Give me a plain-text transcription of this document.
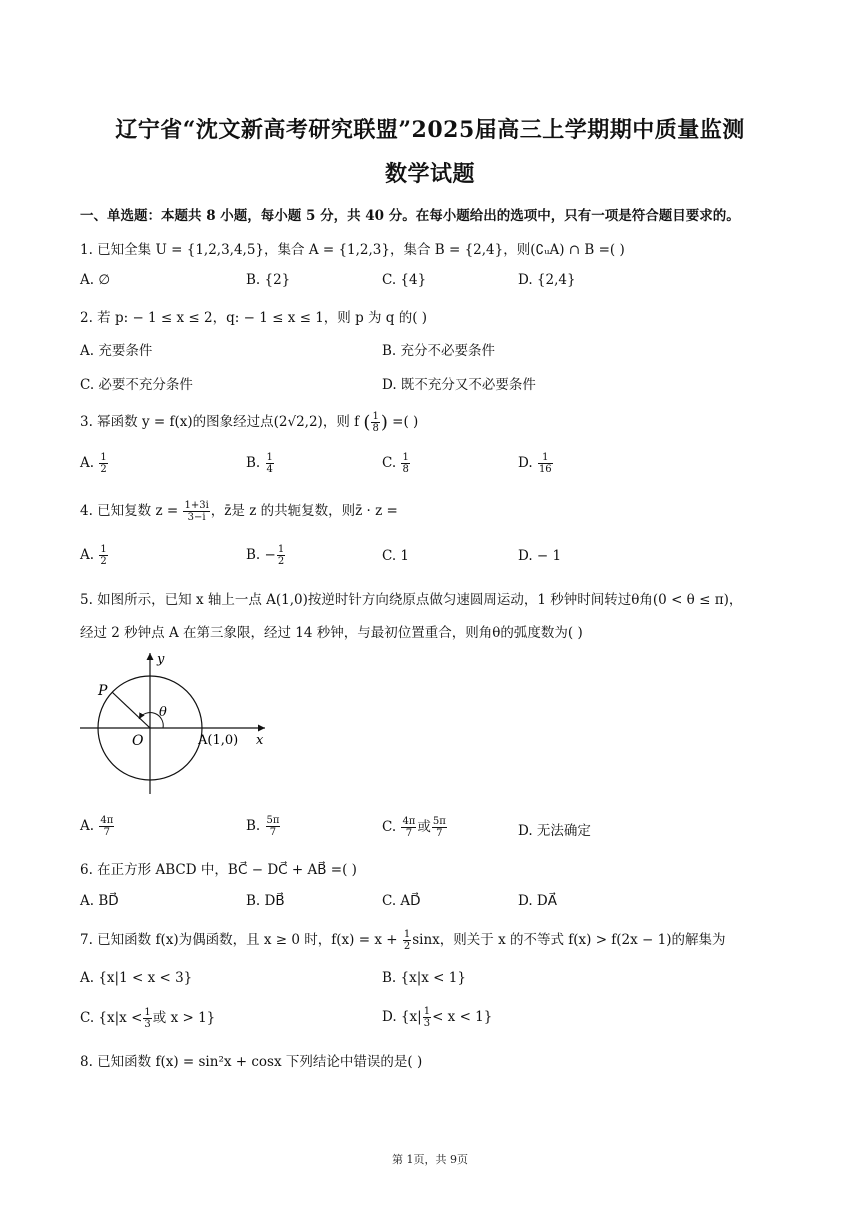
辽宁省“沈文新高考研究联盟”2025届高三上学期期中质量监测
数学试题
一、单选题：本题共 8 小题，每小题 5 分，共 40 分。在每小题给出的选项中，只有一项是符合题目要求的。
1. 已知全集 U = {1,2,3,4,5}，集合 A = {1,2,3}，集合 B = {2,4}，则(∁ᵤA) ∩ B =( )
A. ∅	B. {2}	C. {4}	D. {2,4}
2. 若 p: − 1 ≤ x ≤ 2，q: − 1 ≤ x ≤ 1，则 p 为 q 的( )
A. 充要条件	B. 充分不必要条件
C. 必要不充分条件	D. 既不充分又不必要条件
3. 幂函数 y = f(x)的图象经过点(2√2,2)，则 f ( $\frac{1}{8}$ ) =( )
A. $\frac{1}{2}$	B. $\frac{1}{4}$	C. $\frac{1}{8}$	D. $\frac{1}{16}$
4. 已知复数 $z = \frac{1+3i}{3-i}$ ，z̄是 z 的共轭复数，则z̄ · z =
A. $\frac{1}{2}$	B. − $\frac{1}{2}$	C. 1	D. − 1
5. 如图所示，已知 x 轴上一点 A(1,0)按逆时针方向绕原点做匀速圆周运动，1 秒钟时间转过θ角(0 < θ ≤ π)，
经过 2 秒钟点 A 在第三象限，经过 14 秒钟，与最初位置重合，则角θ的弧度数为( )
y
x
P
O	A(1,0)
θ
A. $\frac{4\pi}{7}$	B. $\frac{5\pi}{7}$	C. $\frac{4\pi}{7}$ 或 $\frac{5\pi}{7}$	D. 无法确定
6. 在正方形 ABCD 中，BC⃗ − DC⃗ + AB⃗ =( )
A. BD⃗	B. DB⃗	C. AD⃗	D. DA⃗
7. 已知函数 f(x)为偶函数，且 x ≥ 0 时，$f(x) = x + \frac{1}{2}$ sinx，则关于 x 的不等式 f(x) > f(2x − 1)的解集为
A. {x|1 < x < 3}	B. {x|x < 1}
C. {$x|x < \frac{1}{3}$ 或 x > 1}	D. $\{x| \frac{1}{3} < x < 1\}$
8. 已知函数 f(x) = sin²x + cosx 下列结论中错误的是( )
第 1页，共 9页
